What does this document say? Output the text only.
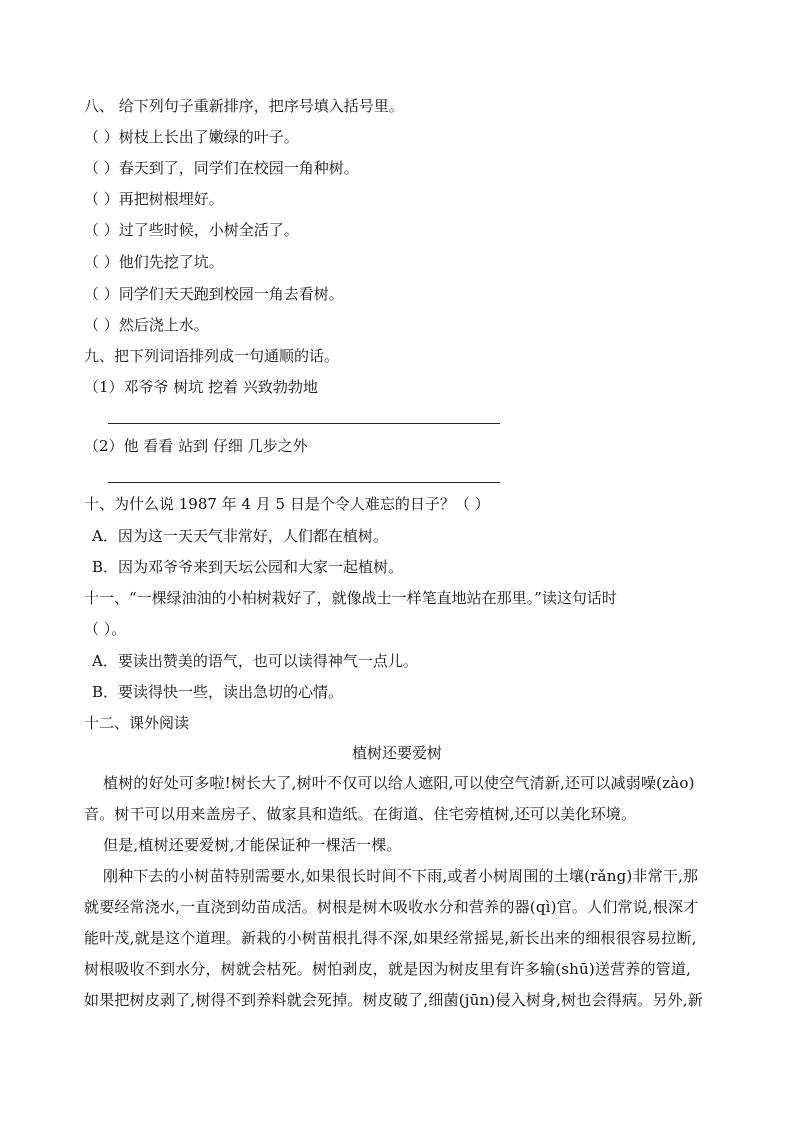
八、 给下列句子重新排序，把序号填入括号里。
（ ）树枝上长出了嫩绿的叶子。
（ ）春天到了，同学们在校园一角种树。
（ ）再把树根埋好。
（ ）过了些时候，小树全活了。
（ ）他们先挖了坑。
（ ）同学们天天跑到校园一角去看树。
（ ）然后浇上水。
九、把下列词语排列成一句通顺的话。
（1）邓爷爷 树坑 挖着 兴致勃勃地
（2）他 看看 站到 仔细 几步之外
十、为什么说 1987 年 4 月 5 日是个令人难忘的日子？（ ）
A．因为这一天天气非常好，人们都在植树。
B．因为邓爷爷来到天坛公园和大家一起植树。
十一、“一棵绿油油的小柏树栽好了，就像战士一样笔直地站在那里。”读这句话时
（ ）。
A．要读出赞美的语气，也可以读得神气一点儿。
B．要读得快一些，读出急切的心情。
十二、课外阅读
植树还要爱树
植树的好处可多啦!树长大了,树叶不仅可以给人遮阳,可以使空气清新,还可以减弱噪(zào)
音。树干可以用来盖房子、做家具和造纸。在街道、住宅旁植树,还可以美化环境。
但是,植树还要爱树,才能保证种一棵活一棵。
刚种下去的小树苗特别需要水,如果很长时间不下雨,或者小树周围的土壤(rǎng)非常干,那
就要经常浇水,一直浇到幼苗成活。树根是树木吸收水分和营养的器(qì)官。人们常说,根深才
能叶茂,就是这个道理。新栽的小树苗根扎得不深,如果经常摇晃,新长出来的细根很容易拉断,
树根吸收不到水分，树就会枯死。树怕剥皮，就是因为树皮里有许多输(shū)送营养的管道,
如果把树皮剥了,树得不到养料就会死掉。树皮破了,细菌(jūn)侵入树身,树也会得病。另外,新
